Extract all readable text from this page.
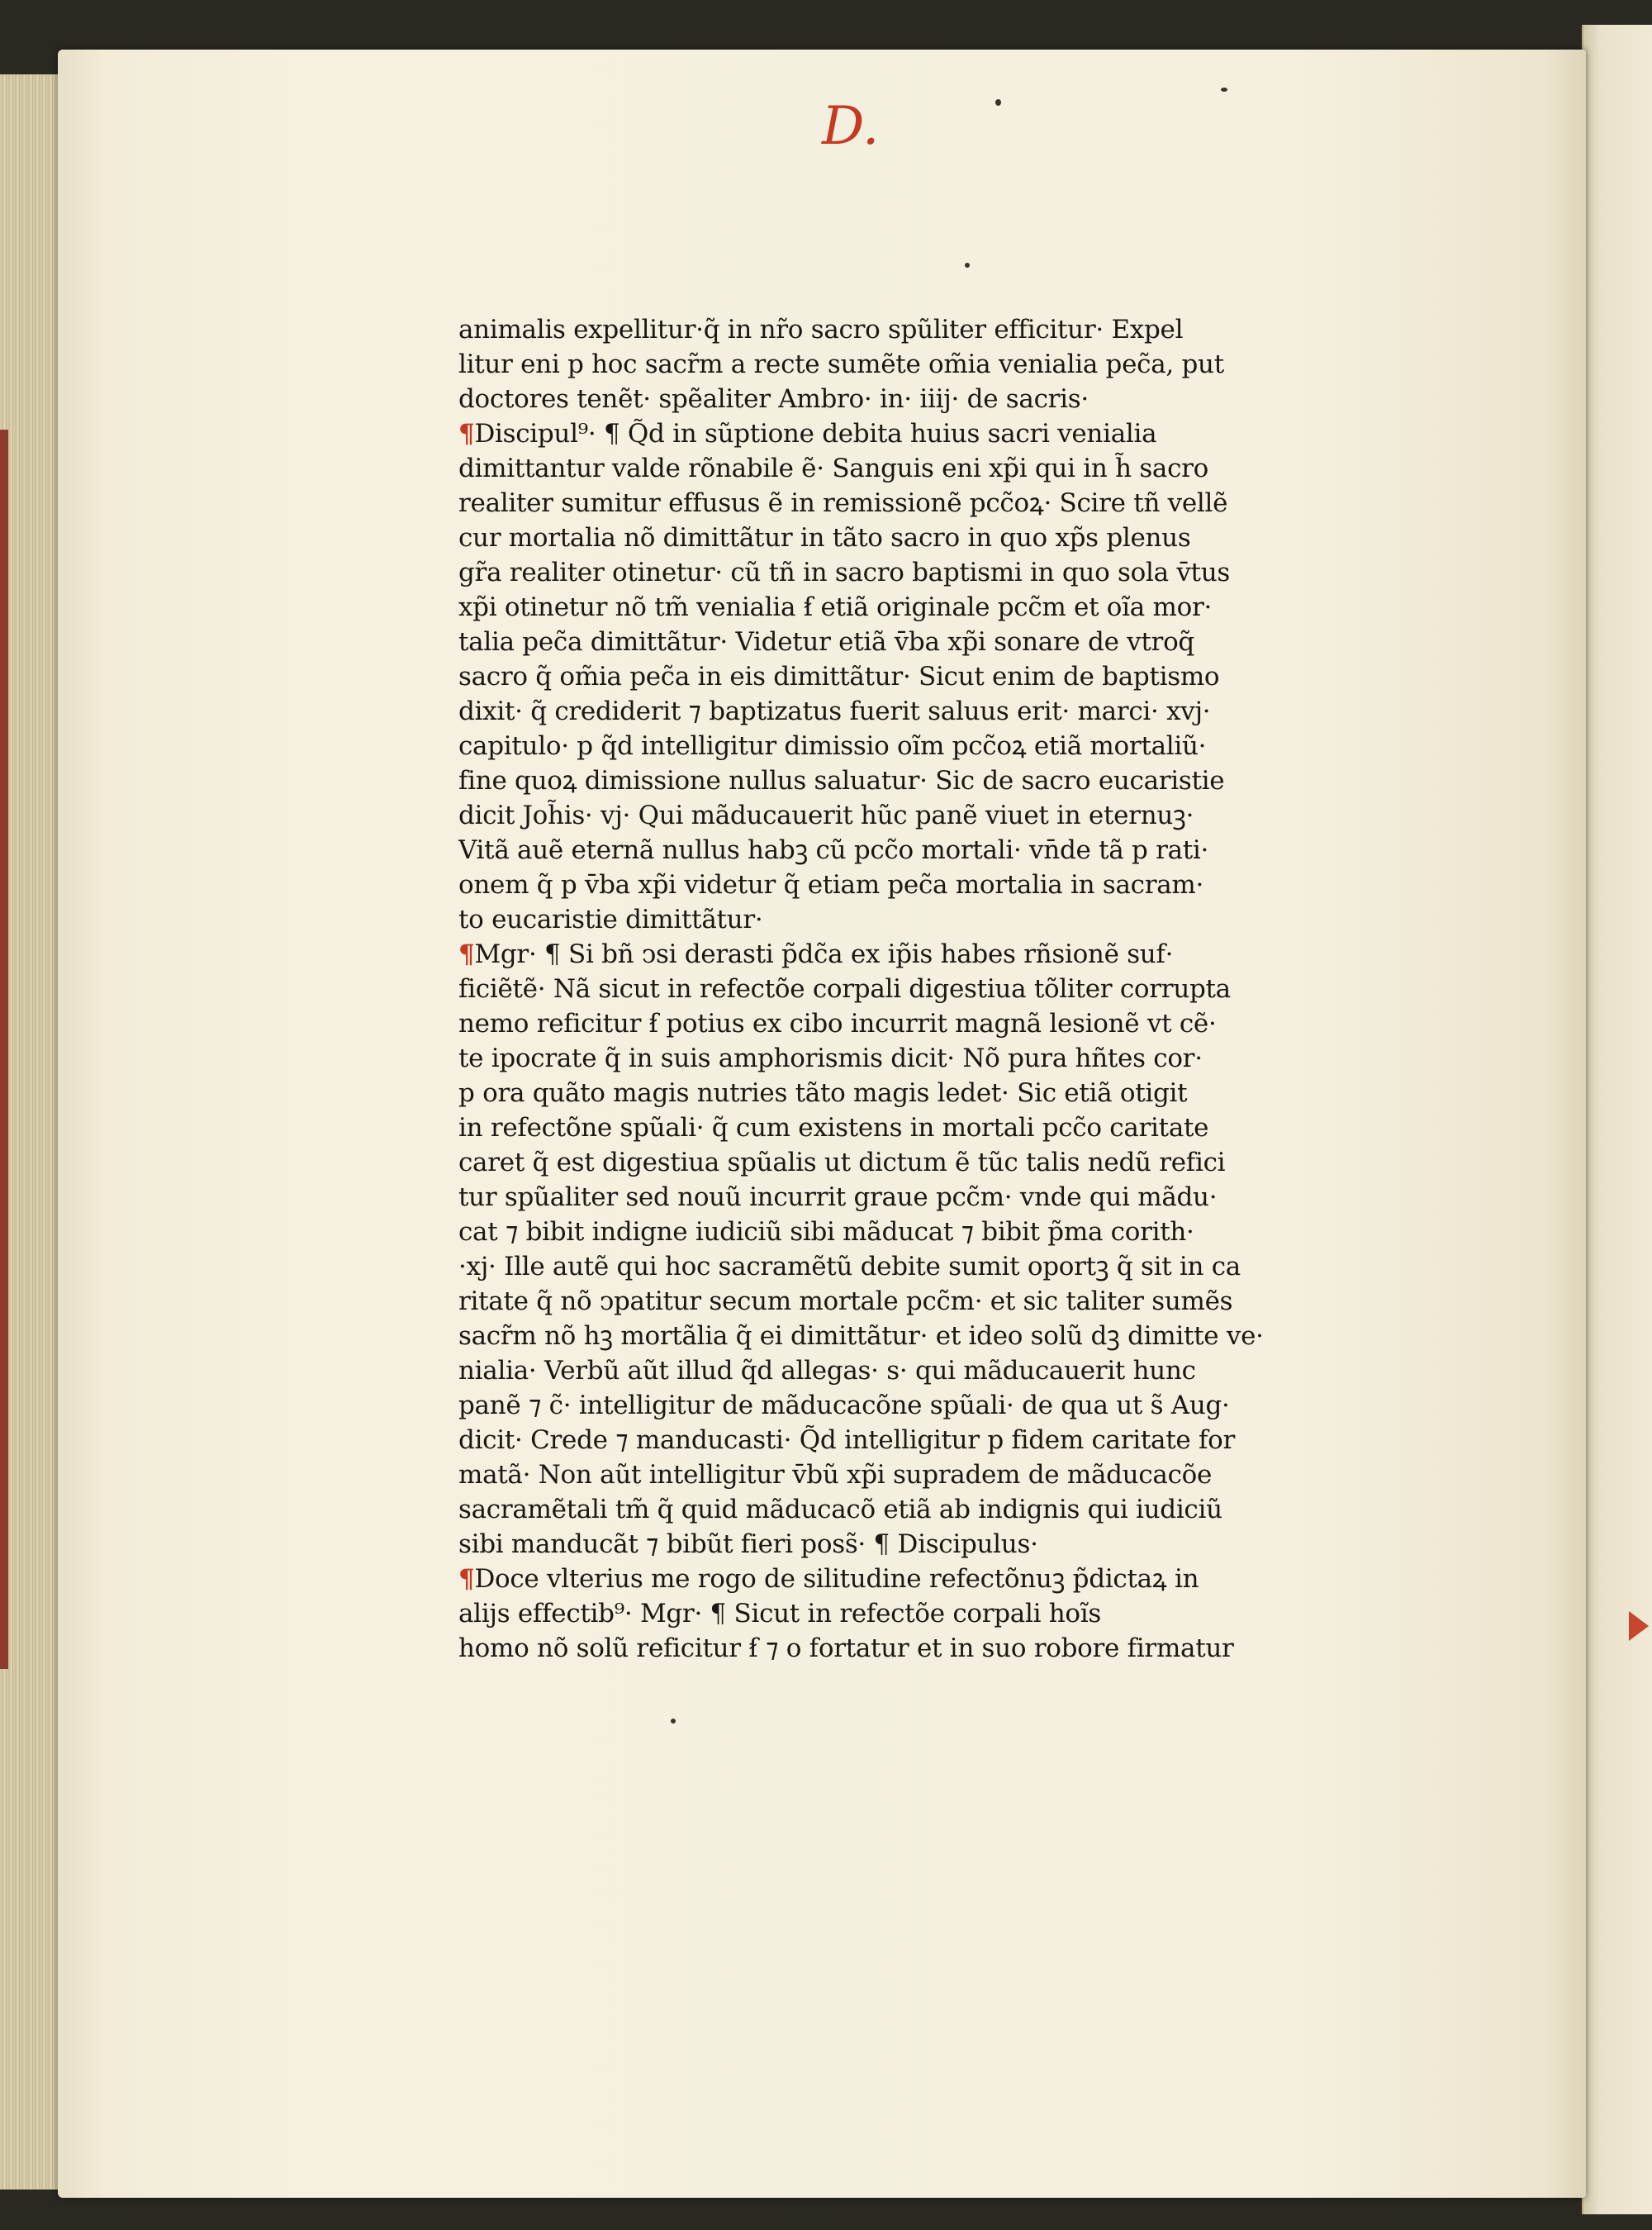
D.
animalis expellitur·q̃ in nr̃o sacro spũliter efficitur· Expel
litur eni p hoc sacr̃m a recte sumẽte om̃ia venialia pec̃a, put
doctores tenẽt· spẽaliter Ambro· in· iiij· de sacris·
¶Discipul⁹· ¶ Q̃d in sũptione debita huius sacri venialia
dimittantur valde rõnabile ẽ· Sanguis eni xp̃i qui in h̃ sacro
realiter sumitur effusus ẽ in remissionẽ pcc̃oꝝ· Scire tñ vellẽ
cur mortalia nõ dimittãtur in tãto sacro in quo xp̃s plenus
gr̃a realiter otinetur· cũ tñ in sacro baptismi in quo sola v̄tus
xp̃i otinetur nõ tm̃ venialia ẜ etiã originale pcc̃m et oĩa mor·
talia pec̃a dimittãtur· Videtur etiã v̄ba xp̃i sonare de vtroq̃
sacro q̃ om̃ia pec̃a in eis dimittãtur· Sicut enim de baptismo
dixit· q̃ crediderit ⁊ baptizatus fuerit saluus erit· marci· xvj·
capitulo· p q̃d intelligitur dimissio oĩm pcc̃oꝝ etiã mortaliũ·
fine quoꝝ dimissione nullus saluatur· Sic de sacro eucaristie
dicit Joh̃is· vj· Qui mãducauerit hũc panẽ viuet in eternuꝫ·
Vitã auẽ eternã nullus habꝫ cũ pcc̃o mortali· vn̄de tã p rati·
onem q̃ p v̄ba xp̃i videtur q̃ etiam pec̃a mortalia in sacram·
to eucaristie dimittãtur·
¶Mgr· ¶ Si bñ ↄsi derasti p̃dc̃a ex ip̃is habes rñsionẽ suf·
ficiẽtẽ· Nã sicut in refectõe corpali digestiua tõliter corrupta
nemo reficitur ẜ potius ex cibo incurrit magnã lesionẽ vt cẽ·
te ipocrate q̃ in suis amphorismis dicit· Nõ pura hñtes cor·
p ora quãto magis nutries tãto magis ledet· Sic etiã otigit
in refectõne spũali· q̃ cum existens in mortali pcc̃o caritate
caret q̃ est digestiua spũalis ut dictum ẽ tũc talis nedũ refici
tur spũaliter sed nouũ incurrit graue pcc̃m· vnde qui mãdu·
cat ⁊ bibit indigne iudiciũ sibi mãducat ⁊ bibit p̃ma corith·
·xj· Ille autẽ qui hoc sacramẽtũ debite sumit oportꝫ q̃ sit in ca
ritate q̃ nõ ↄpatitur secum mortale pcc̃m· et sic taliter sumẽs
sacr̃m nõ hꝫ mortãlia q̃ ei dimittãtur· et ideo solũ dꝫ dimitte ve·
nialia· Verbũ aũt illud q̃d allegas· s· qui mãducauerit hunc
panẽ ⁊ c̃· intelligitur de mãducacõne spũali· de qua ut s̃ Aug·
dicit· Crede ⁊ manducasti· Q̃d intelligitur p fidem caritate for
matã· Non aũt intelligitur v̄bũ xp̃i supradem de mãducacõe
sacramẽtali tm̃ q̃ quid mãducacõ etiã ab indignis qui iudiciũ
sibi manducãt ⁊ bibũt fieri poss̃· ¶ Discipulus·
¶Doce vlterius me rogo de silitudine refectõnuꝫ p̃dictaꝝ in
alijs effectib⁹· Mgr· ¶ Sicut in refectõe corpali hoĩs
homo nõ solũ reficitur ẜ ⁊ o fortatur et in suo robore firmatur
